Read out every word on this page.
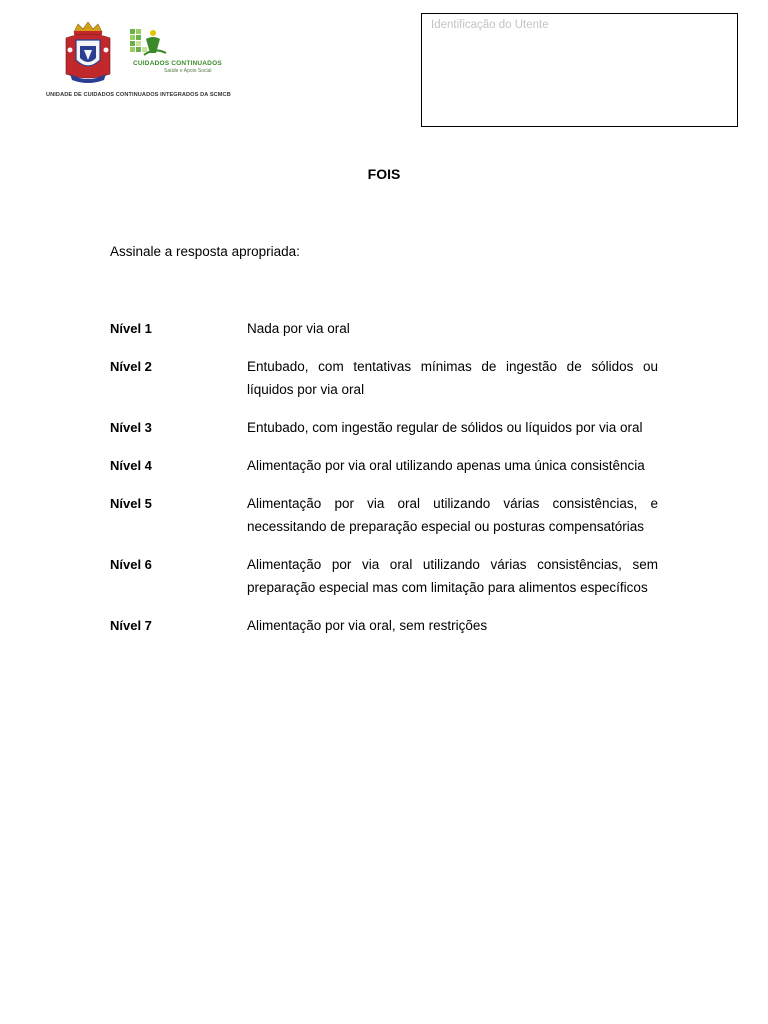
CUIDADOS CONTINUADOS
Saúde e Apoio Social
UNIDADE DE CUIDADOS CONTINUADOS INTEGRADOS DA SCMCB
Identificação do Utente
FOIS
Assinale a resposta apropriada:
Nível 1	Nada por via oral
Nível 2	Entubado, com tentativas mínimas de ingestão de sólidos ou líquidos por via oral
Nível 3	Entubado, com ingestão regular de sólidos ou líquidos por via oral
Nível 4	Alimentação por via oral utilizando apenas uma única consistência
Nível 5	Alimentação por via oral utilizando várias consistências, e necessitando de preparação especial ou posturas compensatórias
Nível 6	Alimentação por via oral utilizando várias consistências, sem preparação especial mas com limitação para alimentos específicos
Nível 7	Alimentação por via oral, sem restrições
